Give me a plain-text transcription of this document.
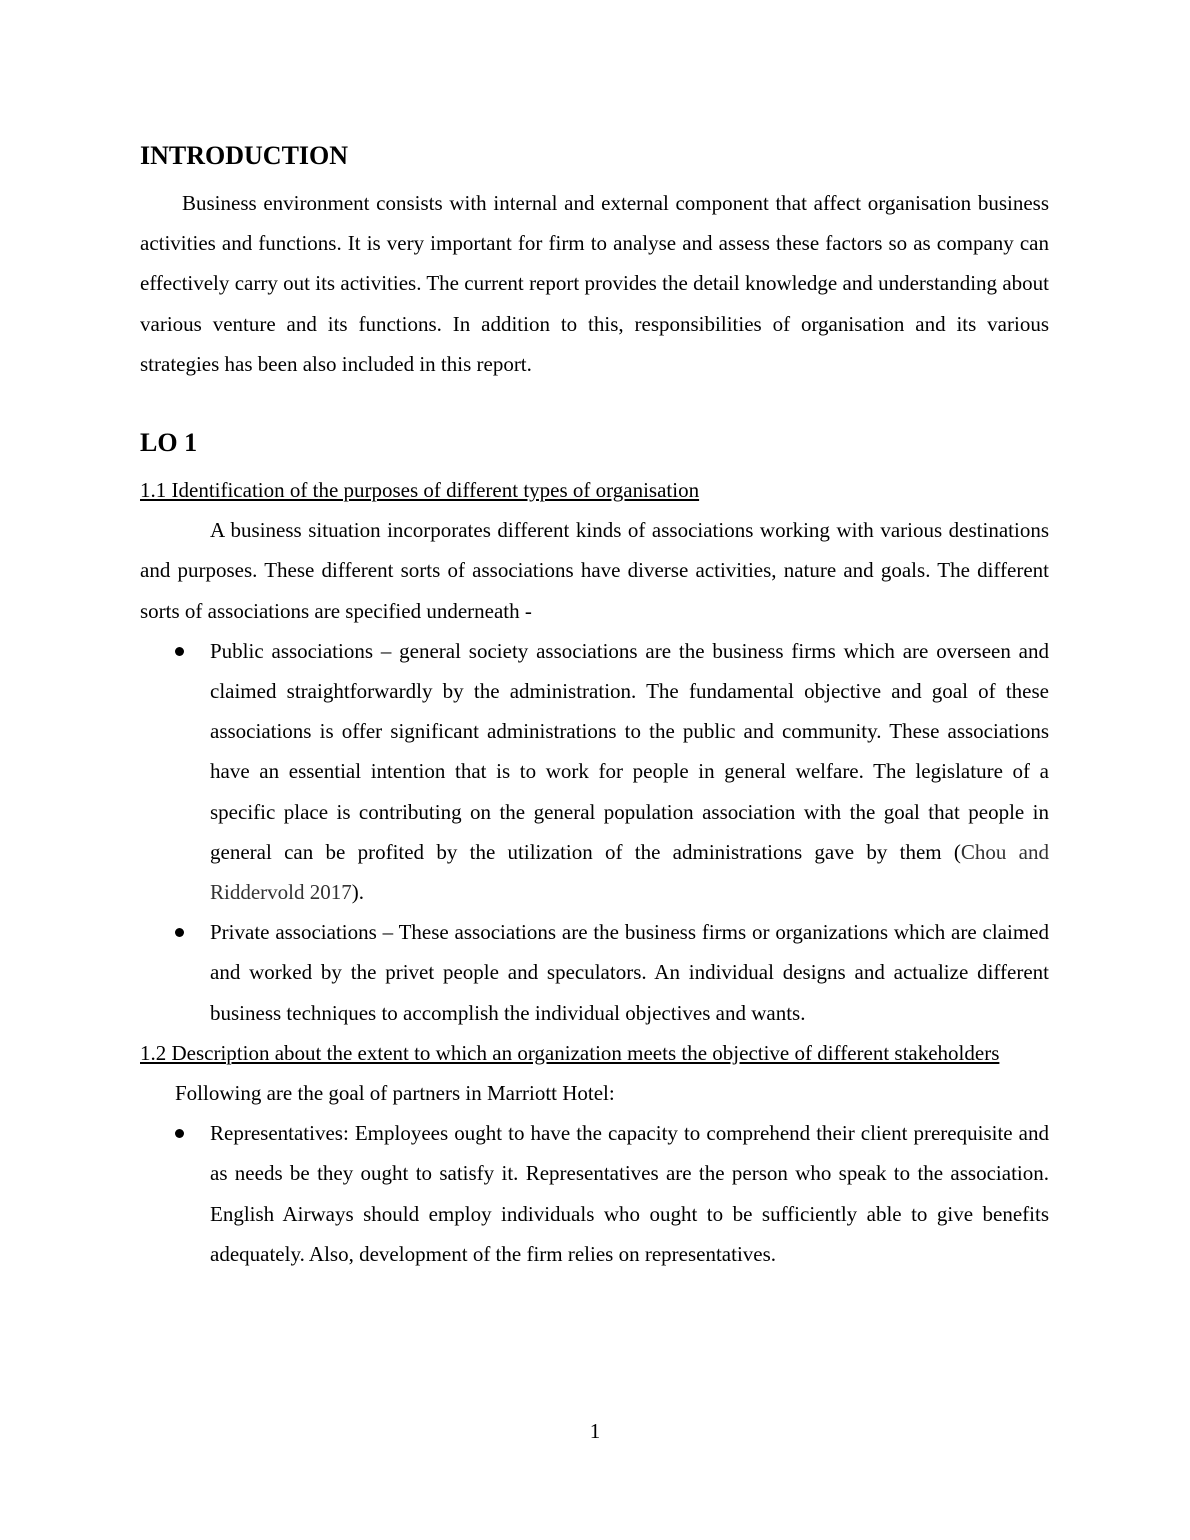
INTRODUCTION

Business environment consists with internal and external component that affect organisation business activities and functions. It is very important for firm to analyse and assess these factors so as company can effectively carry out its activities. The current report provides the detail knowledge and understanding about various venture and its functions. In addition to this, responsibilities of organisation and its various strategies has been also included in this report.

LO 1

1.1 Identification of the purposes of different types of organisation

A business situation incorporates different kinds of associations working with various destinations and purposes. These different sorts of associations have diverse activities, nature and goals. The different sorts of associations are specified underneath -

Public associations – general society associations are the business firms which are overseen and claimed straightforwardly by the administration. The fundamental objective and goal of these associations is offer significant administrations to the public and community. These associations have an essential intention that is to work for people in general welfare. The legislature of a specific place is contributing on the general population association with the goal that people in general can be profited by the utilization of the administrations gave by them (Chou and Riddervold 2017).
Private associations – These associations are the business firms or organizations which are claimed and worked by the privet people and speculators. An individual designs and actualize different business techniques to accomplish the individual objectives and wants.

1.2 Description about the extent to which an organization meets the objective of different stakeholders

Following are the goal of partners in Marriott Hotel:

Representatives: Employees ought to have the capacity to comprehend their client prerequisite and as needs be they ought to satisfy it. Representatives are the person who speak to the association. English Airways should employ individuals who ought to be sufficiently able to give benefits adequately. Also, development of the firm relies on representatives.
1
